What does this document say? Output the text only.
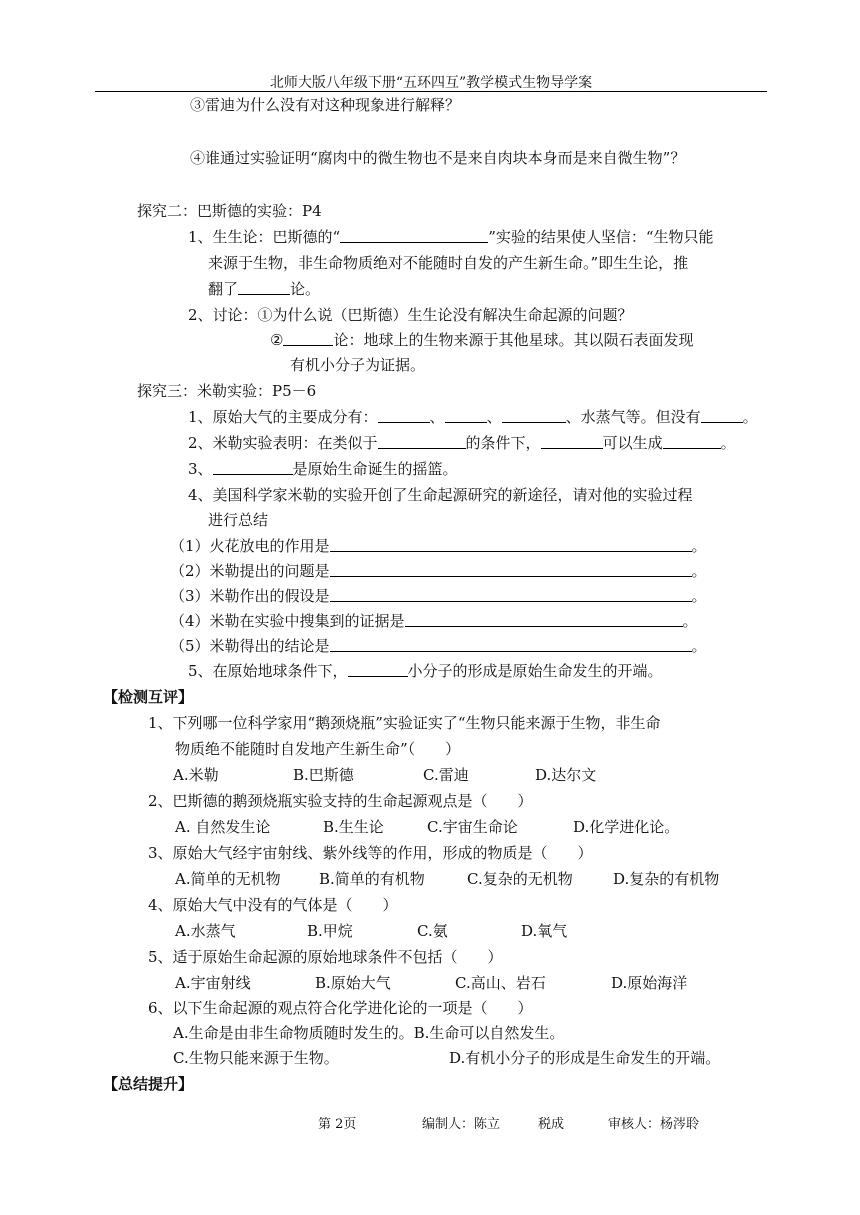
北师大版八年级下册“五环四互”教学模式生物导学案
③雷迪为什么没有对这种现象进行解释？
④谁通过实验证明“腐肉中的微生物也不是来自肉块本身而是来自微生物”？
探究二：巴斯德的实验：P4
1、生生论：巴斯德的“	”实验的结果使人坚信：“生物只能
来源于生物，非生命物质绝对不能随时自发的产生新生命。”即生生论，推
翻了	论。
2、讨论：①为什么说（巴斯德）生生论没有解决生命起源的问题？
②	论：地球上的生物来源于其他星球。其以陨石表面发现
有机小分子为证据。
探究三：米勒实验：P5－6
1、原始大气的主要成分有：	、	、	、水蒸气等。但没有	。
2、米勒实验表明：在类似于	的条件下，	可以生成	。
3、	是原始生命诞生的摇篮。
4、美国科学家米勒的实验开创了生命起源研究的新途径，请对他的实验过程
进行总结
（1）火花放电的作用是	。
（2）米勒提出的问题是	。
（3）米勒作出的假设是	。
（4）米勒在实验中搜集到的证据是	。
（5）米勒得出的结论是	。
5、在原始地球条件下，	小分子的形成是原始生命发生的开端。
【检测互评】
1、下列哪一位科学家用“鹅颈烧瓶”实验证实了“生物只能来源于生物，非生命
物质绝不能随时自发地产生新生命”（　　）
A.米勒	B.巴斯德	C.雷迪	D.达尔文
2、巴斯德的鹅颈烧瓶实验支持的生命起源观点是（　　）
A. 自然发生论	B.生生论	C.宇宙生命论	D.化学进化论。
3、原始大气经宇宙射线、紫外线等的作用，形成的物质是（　　）
A.简单的无机物	B.简单的有机物	C.复杂的无机物	D.复杂的有机物
4、原始大气中没有的气体是（　　）
A.水蒸气	B.甲烷	C.氨	D.氧气
5、适于原始生命起源的原始地球条件不包括（　　）
A.宇宙射线	B.原始大气	C.高山、岩石	D.原始海洋
6、以下生命起源的观点符合化学进化论的一项是（　　）
A.生命是由非生命物质随时发生的。B.生命可以自然发生。
C.生物只能来源于生物。	D.有机小分子的形成是生命发生的开端。
【总结提升】
第 2页	编制人：陈立	税成	审核人：杨涔聆
